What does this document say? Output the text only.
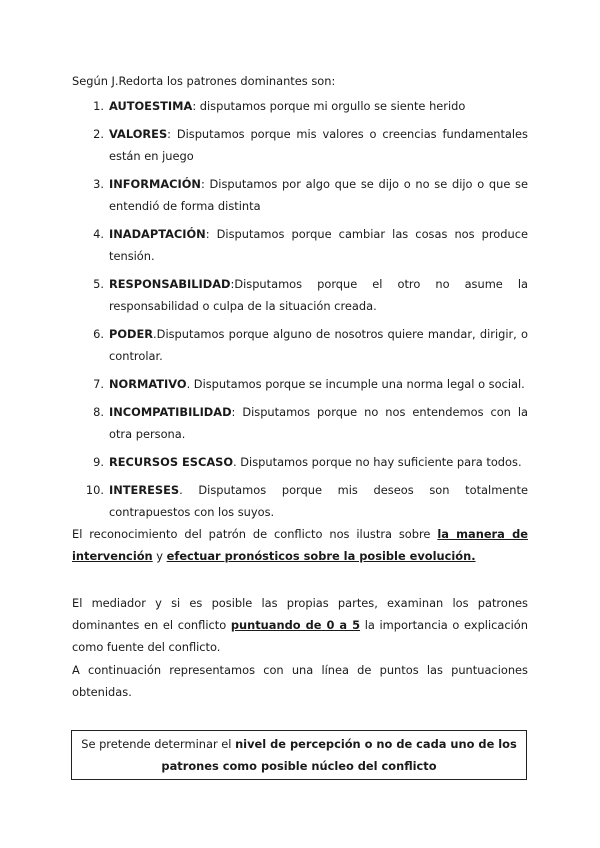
Según J.Redorta los patrones dominantes son:
1. AUTOESTIMA: disputamos porque mi orgullo se siente herido
2. VALORES: Disputamos porque mis valores o creencias fundamentales están en juego
3. INFORMACIÓN: Disputamos por algo que se dijo o no se dijo o que se entendió de forma distinta
4. INADAPTACIÓN: Disputamos porque cambiar las cosas nos produce tensión.
5. RESPONSABILIDAD:Disputamos porque el otro no asume la responsabilidad o culpa de la situación creada.
6. PODER.Disputamos porque alguno de nosotros quiere mandar, dirigir, o controlar.
7. NORMATIVO. Disputamos porque se incumple una norma legal o social.
8. INCOMPATIBILIDAD: Disputamos porque no nos entendemos con la otra persona.
9. RECURSOS ESCASO. Disputamos porque no hay suficiente para todos.
10. INTERESES. Disputamos porque mis deseos son totalmente contrapuestos con los suyos.
El reconocimiento del patrón de conflicto nos ilustra sobre la manera de intervención y efectuar pronósticos sobre la posible evolución.
El mediador y si es posible las propias partes, examinan los patrones dominantes en el conflicto puntuando de 0 a 5 la importancia o explicación como fuente del conflicto.
A continuación representamos con una línea de puntos las puntuaciones obtenidas.
Se pretende determinar el nivel de percepción o no de cada uno de los patrones como posible núcleo del conflicto
